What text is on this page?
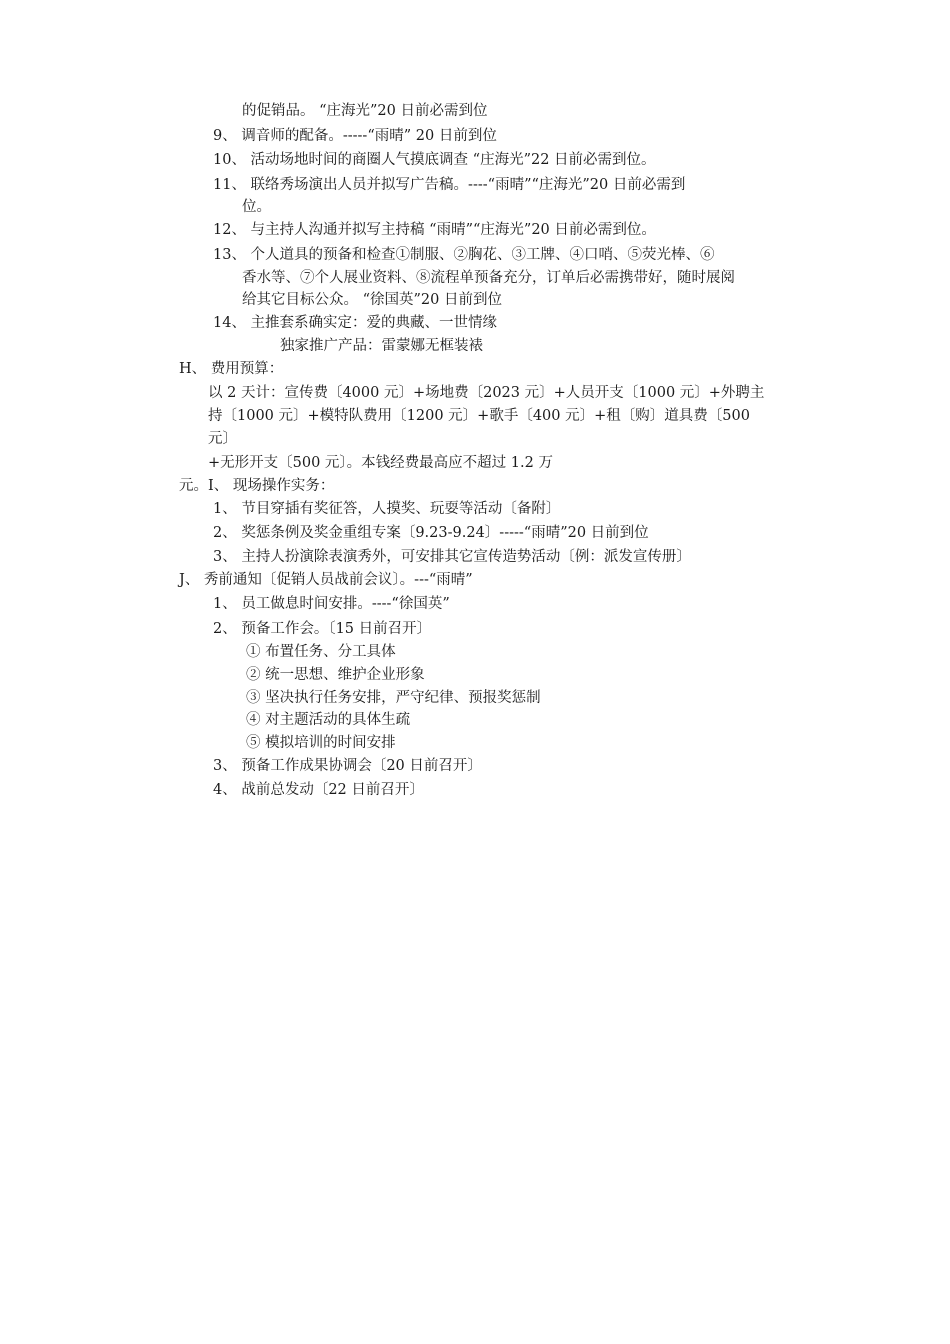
的促销品。 “庄海光”20 日前必需到位
9、 调音师的配备。-----“雨晴” 20 日前到位
10、 活动场地时间的商圈人气摸底调查 “庄海光”22 日前必需到位。
11、 联络秀场演出人员并拟写广告稿。----“雨晴”“庄海光”20 日前必需到
位。
12、 与主持人沟通并拟写主持稿 “雨晴”“庄海光”20 日前必需到位。
13、 个人道具的预备和检查①制服、②胸花、③工牌、④口哨、⑤荧光棒、⑥
香水等、⑦个人展业资料、⑧流程单预备充分，订单后必需携带好，随时展阅
给其它目标公众。 “徐国英”20 日前到位
14、 主推套系确实定：爱的典藏、一世情缘
独家推广产品：雷蒙娜无框装裱
H、 费用预算：
以 2 天计：宣传费〔4000 元〕+场地费〔2023 元〕+人员开支〔1000 元〕+外聘主
持〔1000 元〕+模特队费用〔1200 元〕+歌手〔400 元〕+租〔购〕道具费〔500
元〕
+无形开支〔500 元〕。本钱经费最高应不超过 1.2 万
元。I、 现场操作实务：
1、 节目穿插有奖征答，人摸奖、玩耍等活动〔备附〕
2、 奖惩条例及奖金重组专案〔9.23-9.24〕-----“雨晴”20 日前到位
3、 主持人扮演除表演秀外，可安排其它宣传造势活动〔例：派发宣传册〕
J、 秀前通知〔促销人员战前会议〕。---“雨晴”
1、 员工做息时间安排。----“徐国英”
2、 预备工作会。〔15 日前召开〕
① 布置任务、分工具体
② 统一思想、维护企业形象
③ 坚决执行任务安排，严守纪律、预报奖惩制
④ 对主题活动的具体生疏
⑤ 模拟培训的时间安排
3、 预备工作成果协调会〔20 日前召开〕
4、 战前总发动〔22 日前召开〕
